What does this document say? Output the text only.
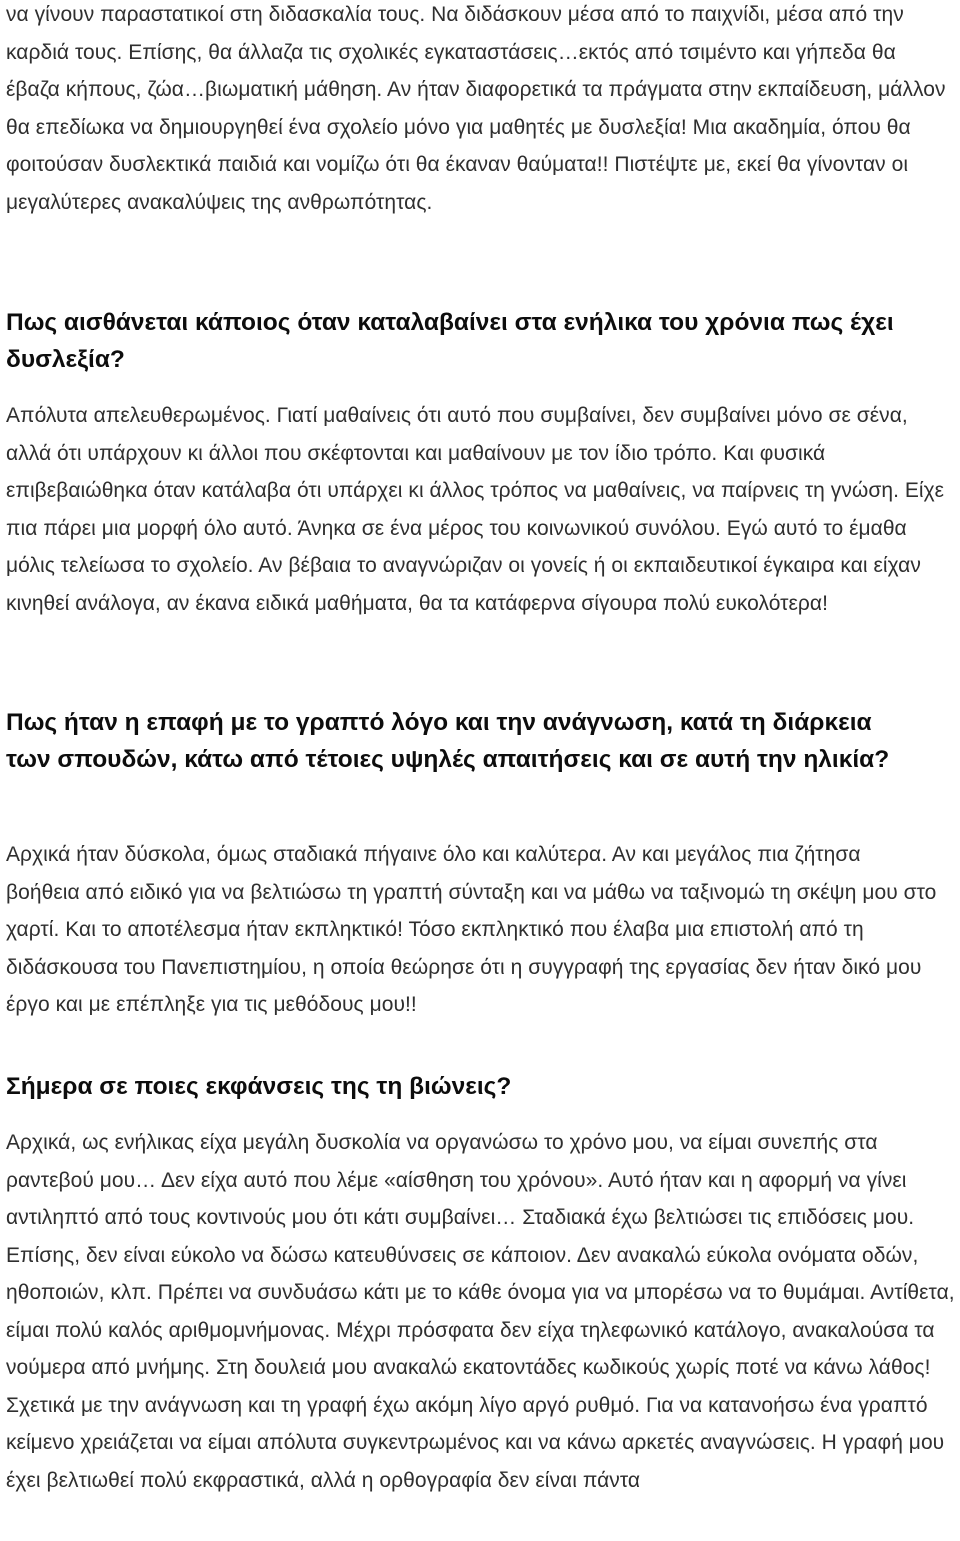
να γίνουν παραστατικοί στη διδασκαλία τους. Να διδάσκουν μέσα από το παιχνίδι, μέσα από την καρδιά τους. Επίσης, θα άλλαζα τις σχολικές εγκαταστάσεις…εκτός από τσιμέντο και γήπεδα θα έβαζα κήπους, ζώα…βιωματική μάθηση. Αν ήταν διαφορετικά τα πράγματα στην εκπαίδευση, μάλλον θα επεδίωκα να δημιουργηθεί ένα σχολείο μόνο για μαθητές με δυσλεξία! Μια ακαδημία, όπου θα φοιτούσαν δυσλεκτικά παιδιά και νομίζω ότι θα έκαναν θαύματα!! Πιστέψτε με, εκεί θα γίνονταν οι μεγαλύτερες ανακαλύψεις της ανθρωπότητας.

Πως αισθάνεται κάποιος όταν καταλαβαίνει στα ενήλικα του χρόνια πως έχει δυσλεξία?

Απόλυτα απελευθερωμένος. Γιατί μαθαίνεις ότι αυτό που συμβαίνει, δεν συμβαίνει μόνο σε σένα, αλλά ότι υπάρχουν κι άλλοι που σκέφτονται και μαθαίνουν με τον ίδιο τρόπο. Και φυσικά επιβεβαιώθηκα όταν κατάλαβα ότι υπάρχει κι άλλος τρόπος να μαθαίνεις, να παίρνεις τη γνώση. Είχε πια πάρει μια μορφή όλο αυτό. Άνηκα σε ένα μέρος του κοινωνικού συνόλου. Εγώ αυτό το έμαθα μόλις τελείωσα το σχολείο. Αν βέβαια το αναγνώριζαν οι γονείς ή οι εκπαιδευτικοί έγκαιρα και είχαν κινηθεί ανάλογα, αν έκανα ειδικά μαθήματα, θα τα κατάφερνα σίγουρα πολύ ευκολότερα!

Πως ήταν η επαφή με το γραπτό λόγο και την ανάγνωση, κατά τη διάρκεια των σπουδών, κάτω από τέτοιες υψηλές απαιτήσεις και σε αυτή την ηλικία?

Αρχικά ήταν δύσκολα, όμως σταδιακά πήγαινε όλο και καλύτερα. Αν και μεγάλος πια ζήτησα βοήθεια από ειδικό για να βελτιώσω τη γραπτή σύνταξη και να μάθω να ταξινομώ τη σκέψη μου στο χαρτί. Και το αποτέλεσμα ήταν εκπληκτικό! Τόσο εκπληκτικό που έλαβα μια επιστολή από τη διδάσκουσα του Πανεπιστημίου, η οποία θεώρησε ότι η συγγραφή της εργασίας δεν ήταν δικό μου έργο και με επέπληξε για τις μεθόδους μου!!

Σήμερα σε ποιες εκφάνσεις της τη βιώνεις?

Αρχικά, ως ενήλικας είχα μεγάλη δυσκολία να οργανώσω το χρόνο μου, να είμαι συνεπής στα ραντεβού μου… Δεν είχα αυτό που λέμε «αίσθηση του χρόνου». Αυτό ήταν και η αφορμή να γίνει αντιληπτό από τους κοντινούς μου ότι κάτι συμβαίνει… Σταδιακά έχω βελτιώσει τις επιδόσεις μου. Επίσης, δεν είναι εύκολο να δώσω κατευθύνσεις σε κάποιον. Δεν ανακαλώ εύκολα ονόματα οδών, ηθοποιών, κλπ. Πρέπει να συνδυάσω κάτι με το κάθε όνομα για να μπορέσω να το θυμάμαι. Αντίθετα, είμαι πολύ καλός αριθμομνήμονας. Μέχρι πρόσφατα δεν είχα τηλεφωνικό κατάλογο, ανακαλούσα τα νούμερα από μνήμης. Στη δουλειά μου ανακαλώ εκατοντάδες κωδικούς χωρίς ποτέ να κάνω λάθος! Σχετικά με την ανάγνωση και τη γραφή έχω ακόμη λίγο αργό ρυθμό. Για να κατανοήσω ένα γραπτό κείμενο χρειάζεται να είμαι απόλυτα συγκεντρωμένος και να κάνω αρκετές αναγνώσεις. Η γραφή μου έχει βελτιωθεί πολύ εκφραστικά, αλλά η ορθογραφία δεν είναι πάντα
